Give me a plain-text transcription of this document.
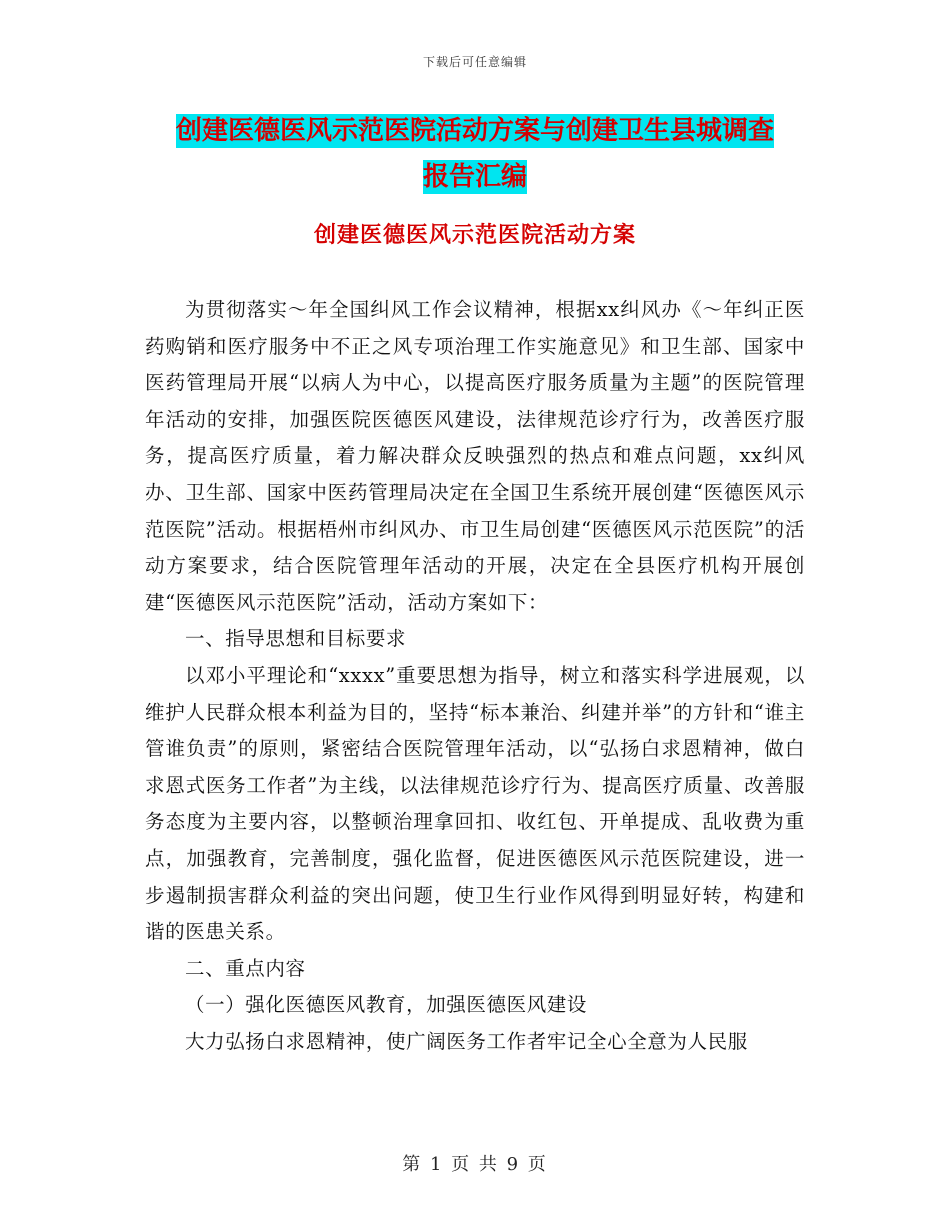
下载后可任意编辑
创建医德医风示范医院活动方案与创建卫生县城调查
报告汇编
创建医德医风示范医院活动方案

为贯彻落实～年全国纠风工作会议精神，根据xx纠风办《～年纠正医药购销和医疗服务中不正之风专项治理工作实施意见》和卫生部、国家中医药管理局开展“以病人为中心，以提高医疗服务质量为主题”的医院管理年活动的安排，加强医院医德医风建设，法律规范诊疗行为，改善医疗服务，提高医疗质量，着力解决群众反映强烈的热点和难点问题，xx纠风办、卫生部、国家中医药管理局决定在全国卫生系统开展创建“医德医风示范医院”活动。根据梧州市纠风办、市卫生局创建“医德医风示范医院”的活动方案要求，结合医院管理年活动的开展，决定在全县医疗机构开展创建“医德医风示范医院”活动，活动方案如下：

一、指导思想和目标要求

以邓小平理论和“xxxx”重要思想为指导，树立和落实科学进展观，以维护人民群众根本利益为目的，坚持“标本兼治、纠建并举”的方针和“谁主管谁负责”的原则，紧密结合医院管理年活动，以“弘扬白求恩精神，做白求恩式医务工作者”为主线，以法律规范诊疗行为、提高医疗质量、改善服务态度为主要内容，以整顿治理拿回扣、收红包、开单提成、乱收费为重点，加强教育，完善制度，强化监督，促进医德医风示范医院建设，进一步遏制损害群众利益的突出问题，使卫生行业作风得到明显好转，构建和谐的医患关系。

二、重点内容

（一）强化医德医风教育，加强医德医风建设

大力弘扬白求恩精神，使广阔医务工作者牢记全心全意为人民服

第 1 页 共 9 页
